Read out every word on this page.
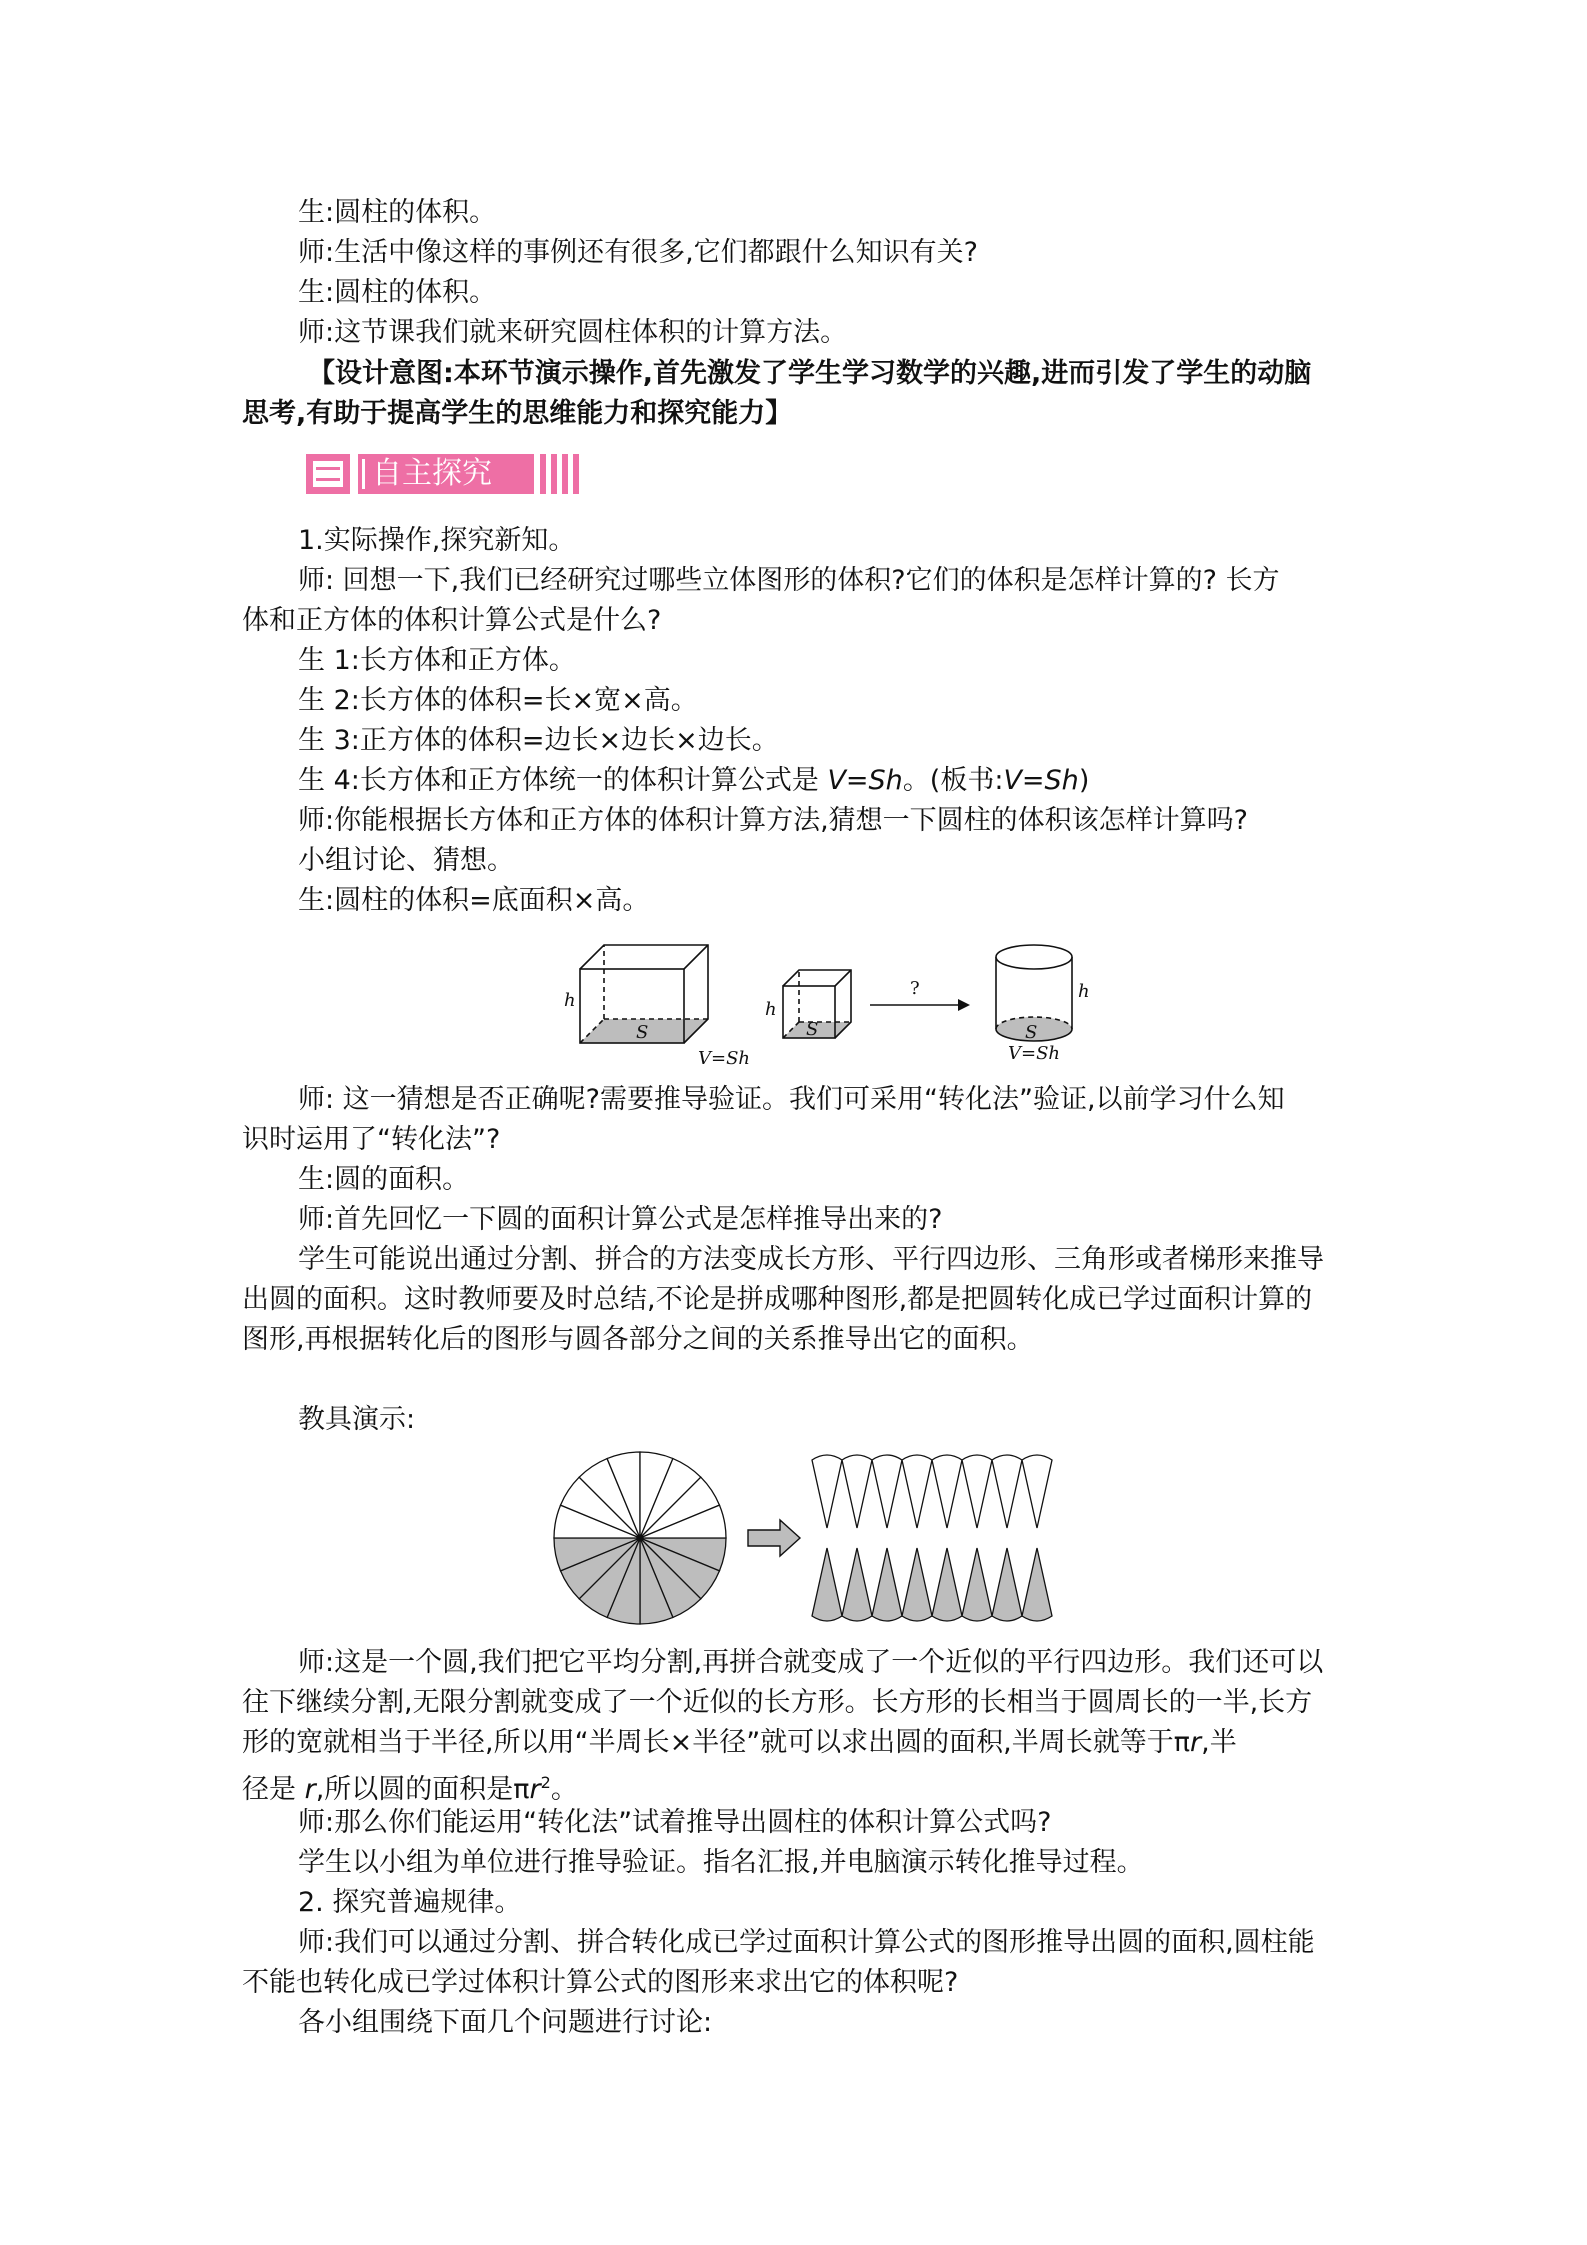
生:圆柱的体积。
师:生活中像这样的事例还有很多,它们都跟什么知识有关?
生:圆柱的体积。
师:这节课我们就来研究圆柱体积的计算方法。
【设计意图:本环节演示操作,首先激发了学生学习数学的兴趣,进而引发了学生的动脑
思考,有助于提高学生的思维能力和探究能力】
自主探究
1.实际操作,探究新知。
师: 回想一下,我们已经研究过哪些立体图形的体积?它们的体积是怎样计算的? 长方
体和正方体的体积计算公式是什么?
生 1:长方体和正方体。
生 2:长方体的体积=长×宽×高。
生 3:正方体的体积=边长×边长×边长。
生 4:长方体和正方体统一的体积计算公式是 V=Sh。(板书:V=Sh)
师:你能根据长方体和正方体的体积计算方法,猜想一下圆柱的体积该怎样计算吗?
小组讨论、猜想。
生:圆柱的体积=底面积×高。
h
S
V=Sh
h
S
?	h
S
V=Sh
师: 这一猜想是否正确呢?需要推导验证。我们可采用“转化法”验证,以前学习什么知
识时运用了“转化法”?
生:圆的面积。
师:首先回忆一下圆的面积计算公式是怎样推导出来的?
学生可能说出通过分割、拼合的方法变成长方形、平行四边形、三角形或者梯形来推导
出圆的面积。这时教师要及时总结,不论是拼成哪种图形,都是把圆转化成已学过面积计算的
图形,再根据转化后的图形与圆各部分之间的关系推导出它的面积。
教具演示:
师:这是一个圆,我们把它平均分割,再拼合就变成了一个近似的平行四边形。我们还可以
往下继续分割,无限分割就变成了一个近似的长方形。长方形的长相当于圆周长的一半,长方
形的宽就相当于半径,所以用“半周长×半径”就可以求出圆的面积,半周长就等于πr,半
径是 r,所以圆的面积是$\pi r^2$。
师:那么你们能运用“转化法”试着推导出圆柱的体积计算公式吗?
学生以小组为单位进行推导验证。指名汇报,并电脑演示转化推导过程。
2. 探究普遍规律。
师:我们可以通过分割、拼合转化成已学过面积计算公式的图形推导出圆的面积,圆柱能
不能也转化成已学过体积计算公式的图形来求出它的体积呢?
各小组围绕下面几个问题进行讨论:
